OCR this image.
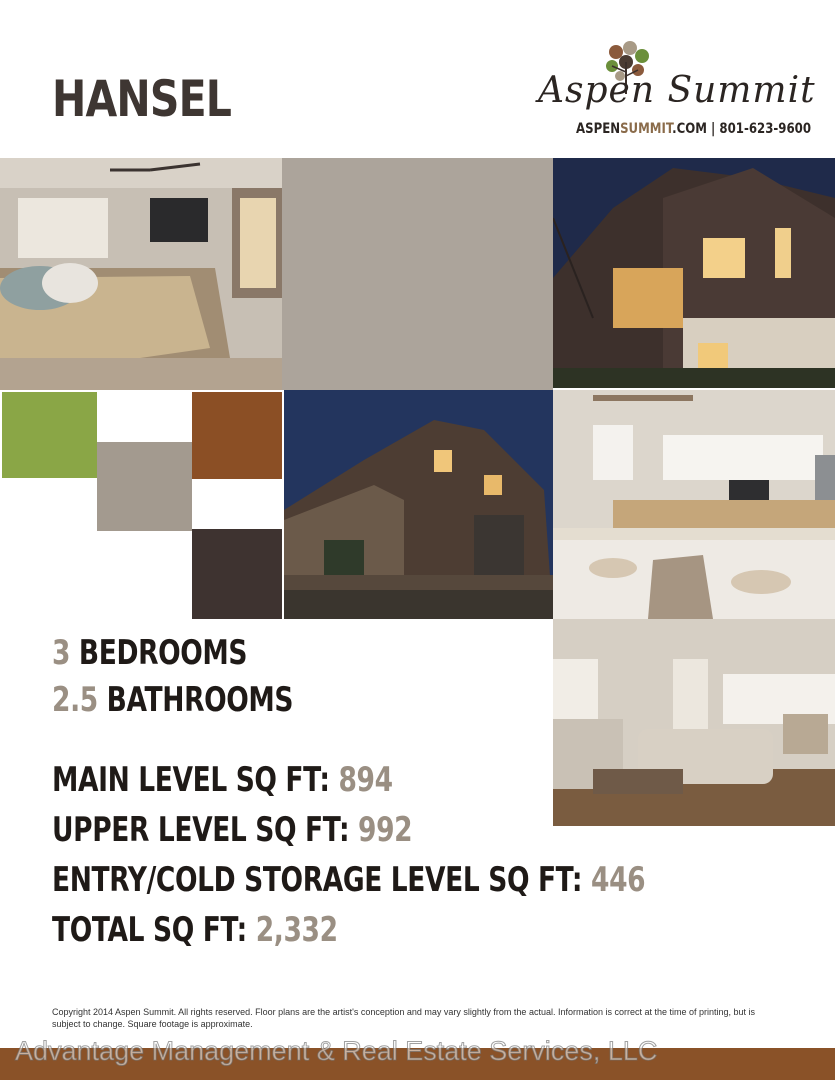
HANSEL	Aspen Summit
ASPENSUMMIT.COM | 801-623-9600
3 BEDROOMS
2.5 BATHROOMS
MAIN LEVEL SQ FT: 894
UPPER LEVEL SQ FT: 992
ENTRY/COLD STORAGE LEVEL SQ FT: 446
TOTAL SQ FT: 2,332
Copyright 2014 Aspen Summit. All rights reserved. Floor plans are the artist's conception and may vary slightly from the actual. Information is correct at the time of printing, but is subject to change. Square footage is approximate.
Advantage Management & Real Estate Services, LLC
